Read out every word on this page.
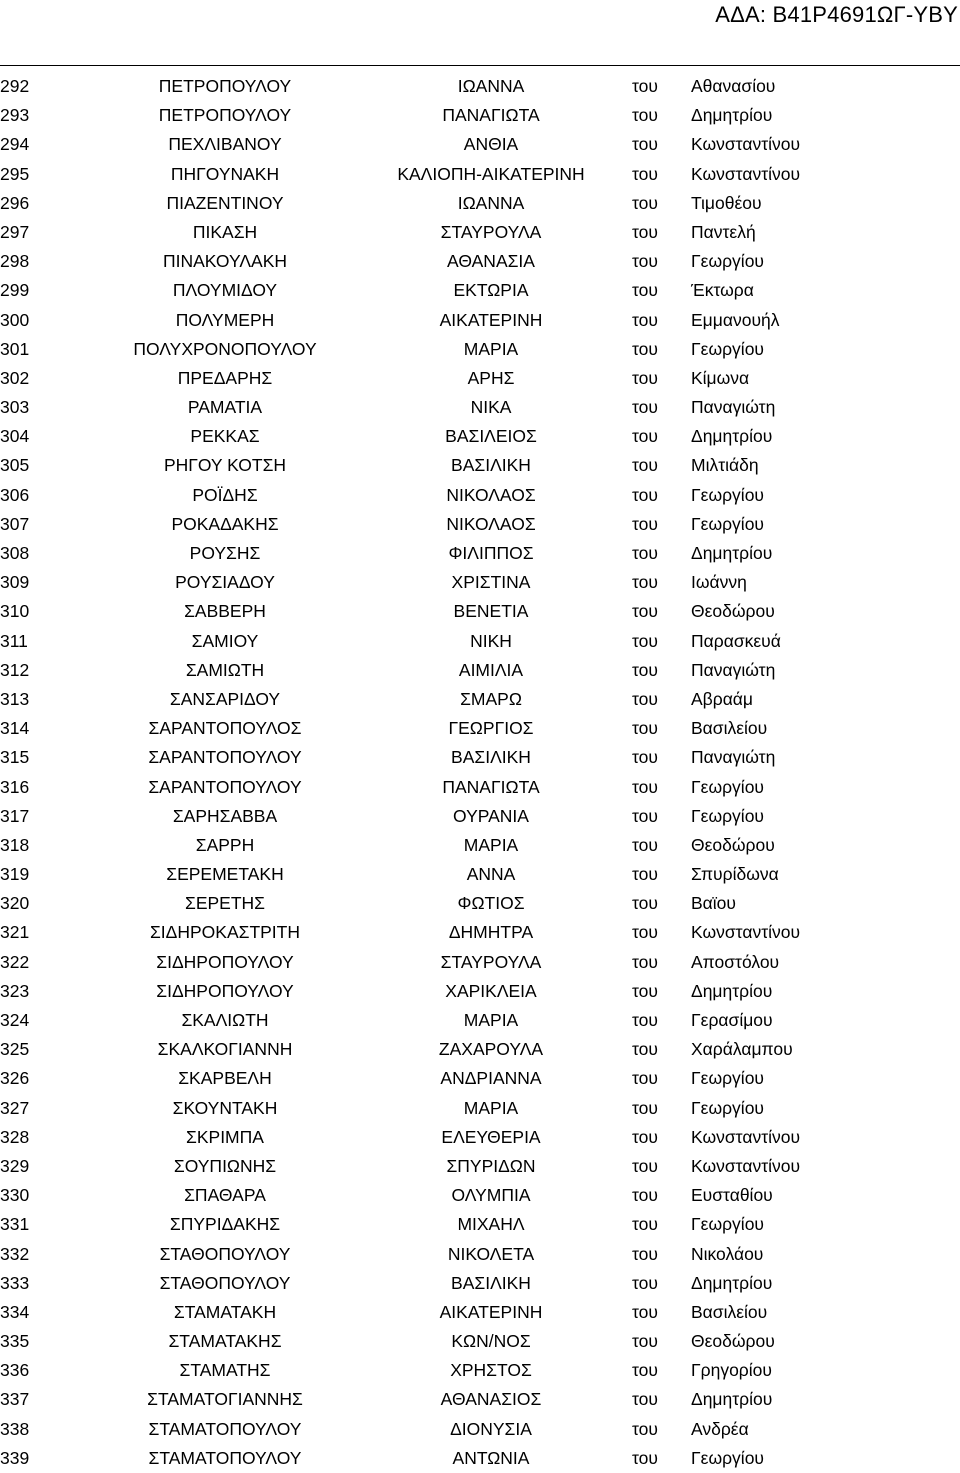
ΑΔΑ: Β41Ρ4691ΩΓ-ΥΒΥ
292	ΠΕΤΡΟΠΟΥΛΟΥ	ΙΩΑΝΝΑ	του	Αθανασίου
293	ΠΕΤΡΟΠΟΥΛΟΥ	ΠΑΝΑΓΙΩΤΑ	του	Δημητρίου
294	ΠΕΧΛΙΒΑΝΟΥ	ΑΝΘΙΑ	του	Κωνσταντίνου
295	ΠΗΓΟΥΝΑΚΗ	ΚΑΛΙΟΠΗ-ΑΙΚΑΤΕΡΙΝΗ	του	Κωνσταντίνου
296	ΠΙΑΖΕΝΤΙΝΟΥ	ΙΩΑΝΝΑ	του	Τιμοθέου
297	ΠΙΚΑΣΗ	ΣΤΑΥΡΟΥΛΑ	του	Παντελή
298	ΠΙΝΑΚΟΥΛΑΚΗ	ΑΘΑΝΑΣΙΑ	του	Γεωργίου
299	ΠΛΟΥΜΙΔΟΥ	ΕΚΤΩΡΙΑ	του	Έκτωρα
300	ΠΟΛΥΜΕΡΗ	ΑΙΚΑΤΕΡΙΝΗ	του	Εμμανουήλ
301	ΠΟΛΥΧΡΟΝΟΠΟΥΛΟΥ	ΜΑΡΙΑ	του	Γεωργίου
302	ΠΡΕΔΑΡΗΣ	ΑΡΗΣ	του	Κίμωνα
303	ΡΑΜΑΤΙΑ	ΝΙΚΑ	του	Παναγιώτη
304	ΡΕΚΚΑΣ	ΒΑΣΙΛΕΙΟΣ	του	Δημητρίου
305	ΡΗΓΟΥ ΚΟΤΣΗ	ΒΑΣΙΛΙΚΗ	του	Μιλτιάδη
306	ΡΟΪΔΗΣ	ΝΙΚΟΛΑΟΣ	του	Γεωργίου
307	ΡΟΚΑΔΑΚΗΣ	ΝΙΚΟΛΑΟΣ	του	Γεωργίου
308	ΡΟΥΣΗΣ	ΦΙΛΙΠΠΟΣ	του	Δημητρίου
309	ΡΟΥΣΙΑΔΟΥ	ΧΡΙΣΤΙΝΑ	του	Ιωάννη
310	ΣΑΒΒΕΡΗ	ΒΕΝΕΤΙΑ	του	Θεοδώρου
311	ΣΑΜΙΟΥ	ΝΙΚΗ	του	Παρασκευά
312	ΣΑΜΙΩΤΗ	ΑΙΜΙΛΙΑ	του	Παναγιώτη
313	ΣΑΝΣΑΡΙΔΟΥ	ΣΜΑΡΩ	του	Αβραάμ
314	ΣΑΡΑΝΤΟΠΟΥΛΟΣ	ΓΕΩΡΓΙΟΣ	του	Βασιλείου
315	ΣΑΡΑΝΤΟΠΟΥΛΟΥ	ΒΑΣΙΛΙΚΗ	του	Παναγιώτη
316	ΣΑΡΑΝΤΟΠΟΥΛΟΥ	ΠΑΝΑΓΙΩΤΑ	του	Γεωργίου
317	ΣΑΡΗΣΑΒΒΑ	ΟΥΡΑΝΙΑ	του	Γεωργίου
318	ΣΑΡΡΗ	ΜΑΡΙΑ	του	Θεοδώρου
319	ΣΕΡΕΜΕΤΑΚΗ	ΑΝΝΑ	του	Σπυρίδωνα
320	ΣΕΡΕΤΗΣ	ΦΩΤΙΟΣ	του	Βαϊου
321	ΣΙΔΗΡΟΚΑΣΤΡΙΤΗ	ΔΗΜΗΤΡΑ	του	Κωνσταντίνου
322	ΣΙΔΗΡΟΠΟΥΛΟΥ	ΣΤΑΥΡΟΥΛΑ	του	Αποστόλου
323	ΣΙΔΗΡΟΠΟΥΛΟΥ	ΧΑΡΙΚΛΕΙΑ	του	Δημητρίου
324	ΣΚΑΛΙΩΤΗ	ΜΑΡΙΑ	του	Γερασίμου
325	ΣΚΑΛΚΟΓΙΑΝΝΗ	ΖΑΧΑΡΟΥΛΑ	του	Χαράλαμπου
326	ΣΚΑΡΒΕΛΗ	ΑΝΔΡΙΑΝΝΑ	του	Γεωργίου
327	ΣΚΟΥΝΤΑΚΗ	ΜΑΡΙΑ	του	Γεωργίου
328	ΣΚΡΙΜΠΑ	ΕΛΕΥΘΕΡΙΑ	του	Κωνσταντίνου
329	ΣΟΥΠΙΩΝΗΣ	ΣΠΥΡΙΔΩΝ	του	Κωνσταντίνου
330	ΣΠΑΘΑΡΑ	ΟΛΥΜΠΙΑ	του	Ευσταθίου
331	ΣΠΥΡΙΔΑΚΗΣ	ΜΙΧΑΗΛ	του	Γεωργίου
332	ΣΤΑΘΟΠΟΥΛΟΥ	ΝΙΚΟΛΕΤΑ	του	Νικολάου
333	ΣΤΑΘΟΠΟΥΛΟΥ	ΒΑΣΙΛΙΚΗ	του	Δημητρίου
334	ΣΤΑΜΑΤΑΚΗ	ΑΙΚΑΤΕΡΙΝΗ	του	Βασιλείου
335	ΣΤΑΜΑΤΑΚΗΣ	ΚΩΝ/ΝΟΣ	του	Θεοδώρου
336	ΣΤΑΜΑΤΗΣ	ΧΡΗΣΤΟΣ	του	Γρηγορίου
337	ΣΤΑΜΑΤΟΓΙΑΝΝΗΣ	ΑΘΑΝΑΣΙΟΣ	του	Δημητρίου
338	ΣΤΑΜΑΤΟΠΟΥΛΟΥ	ΔΙΟΝΥΣΙΑ	του	Ανδρέα
339	ΣΤΑΜΑΤΟΠΟΥΛΟΥ	ΑΝΤΩΝΙΑ	του	Γεωργίου
